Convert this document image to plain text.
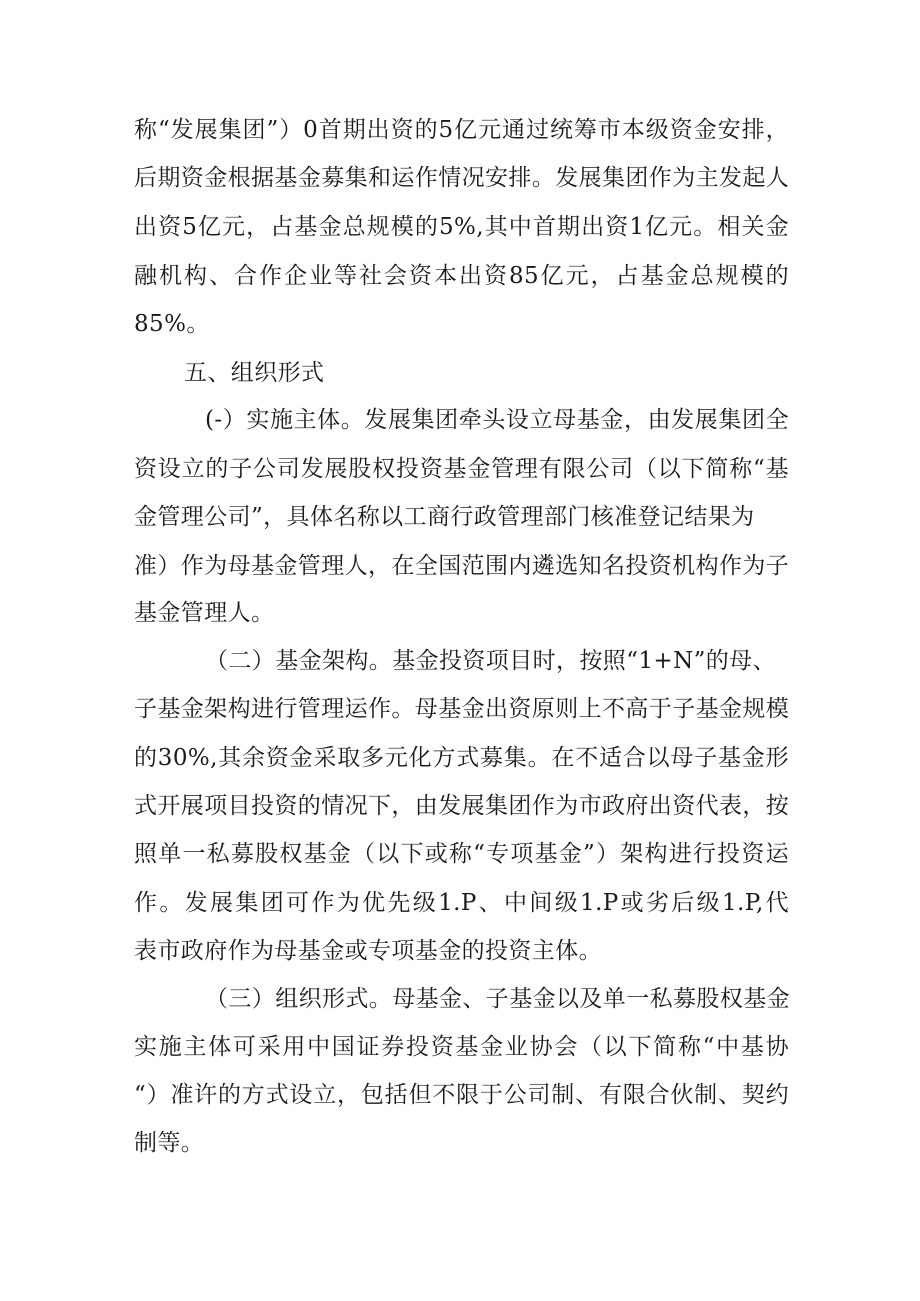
称“发展集团”）0首期出资的5亿元通过统筹市本级资金安排，
后期资金根据基金募集和运作情况安排。发展集团作为主发起人
出资5亿元，占基金总规模的5%,其中首期出资1亿元。相关金
融机构、合作企业等社会资本出资85亿元，占基金总规模的
85%。
五、组织形式
(-）实施主体。发展集团牵头设立母基金，由发展集团全
资设立的子公司发展股权投资基金管理有限公司（以下简称“基
金管理公司”，具体名称以工商行政管理部门核准登记结果为
准）作为母基金管理人，在全国范围内遴选知名投资机构作为子
基金管理人。
（二）基金架构。基金投资项目时，按照“1+N”的母、
子基金架构进行管理运作。母基金出资原则上不高于子基金规模
的30%,其余资金采取多元化方式募集。在不适合以母子基金形
式开展项目投资的情况下，由发展集团作为市政府出资代表，按
照单一私募股权基金（以下或称“专项基金”）架构进行投资运
作。发展集团可作为优先级1.P、中间级1.P或劣后级1.P,代
表市政府作为母基金或专项基金的投资主体。
（三）组织形式。母基金、子基金以及单一私募股权基金
实施主体可采用中国证券投资基金业协会（以下简称“中基协
“）准许的方式设立，包括但不限于公司制、有限合伙制、契约
制等。
